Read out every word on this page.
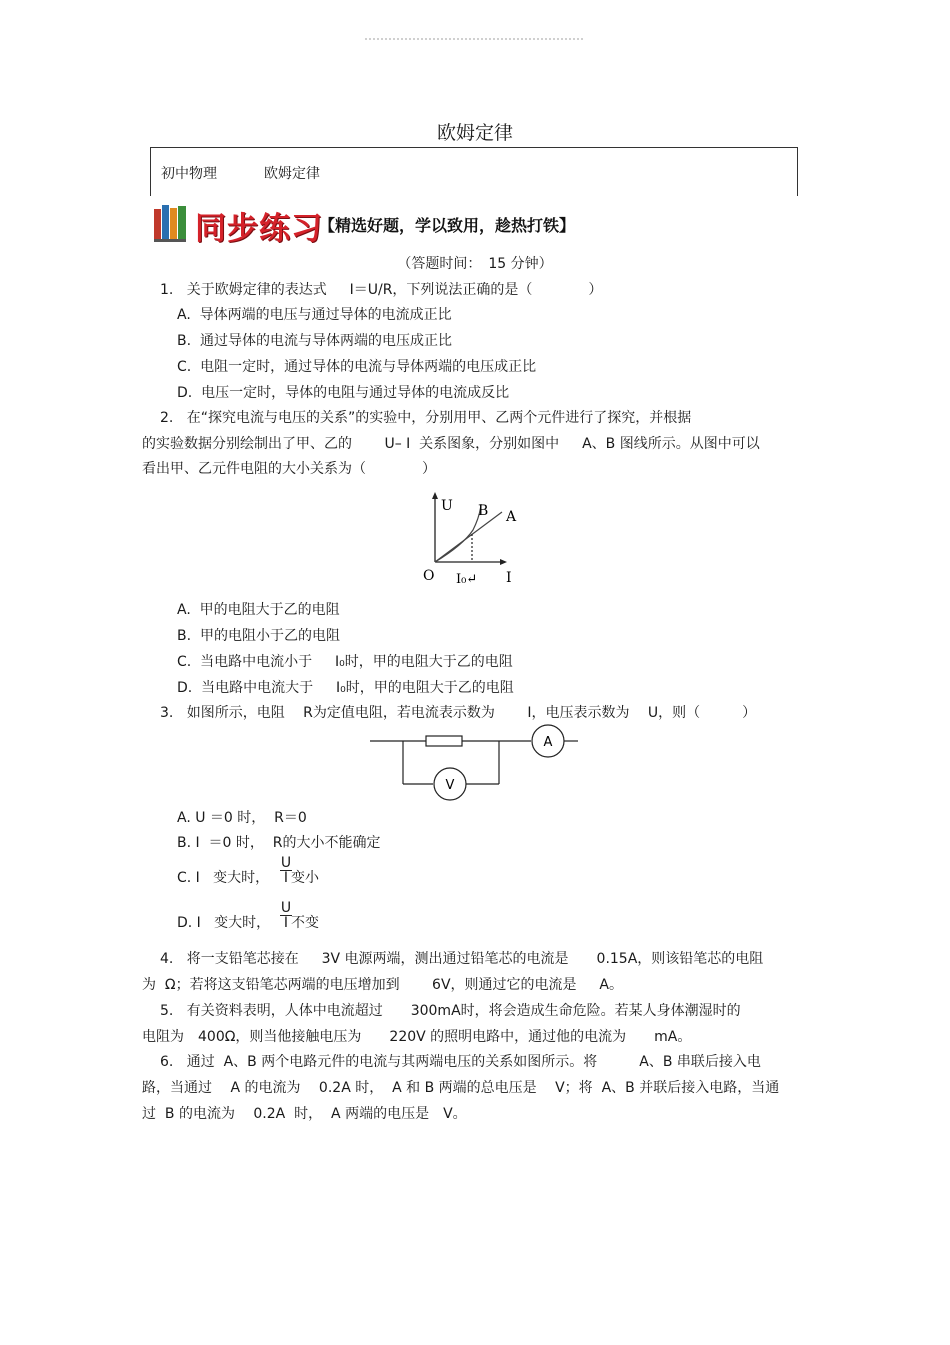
欧姆定律
初中物理	欧姆定律
同步练习
【精选好题，学以致用，趁热打铁】
（答题时间：　15 分钟）
1.   关于欧姆定律的表达式　  I＝U/R，下列说法正确的是（　　　　）
A.  导体两端的电压与通过导体的电流成正比
B.  通过导体的电流与导体两端的电压成正比
C.  电阻一定时，通过导体的电流与导体两端的电压成正比
D.  电压一定时，导体的电阻与通过导体的电流成反比
2.   在“探究电流与电压的关系”的实验中，分别用甲、乙两个元件进行了探究，并根据
的实验数据分别绘制出了甲、乙的　　 U– I  关系图象，分别如图中　  A、B 图线所示。从图中可以
看出甲、乙元件电阻的大小关系为（　　　　）
U
I
O I₀↵
B A
A.  甲的电阻大于乙的电阻
B.  甲的电阻小于乙的电阻
C.  当电路中电流小于　  I₀时，甲的电阻大于乙的电阻
D.  当电路中电流大于　  I₀时，甲的电阻大于乙的电阻
3.   如图所示，电阻　 R为定值电阻，若电流表示数为　　 I，电压表示数为　 U，则（　　　）
A
V
A. U ＝0 时，  R＝0
B. I  ＝0 时，  R的大小不能确定
C. I   变大时， $\frac{U}{I}$ 变小
D. I   变大时， $\frac{U}{I}$ 不变
4.   将一支铅笔芯接在　  3V 电源两端，测出通过铅笔芯的电流是　　0.15A，则该铅笔芯的电阻
为  Ω；若将这支铅笔芯两端的电压增加到　　 6V，则通过它的电流是　  A。
5.   有关资料表明，人体中电流超过　　300mA时，将会造成生命危险。若某人身体潮湿时的
电阻为　400Ω，则当他接触电压为　　220V 的照明电路中，通过他的电流为　　mA。
6.   通过  A、B 两个电路元件的电流与其两端电压的关系如图所示。将　　　A、B 串联后接入电
路，当通过　 A 的电流为　 0.2A 时，  A 和 B 两端的总电压是　 V；将  A、B 并联后接入电路，当通
过  B 的电流为　 0.2A  时，  A 两端的电压是　V。
